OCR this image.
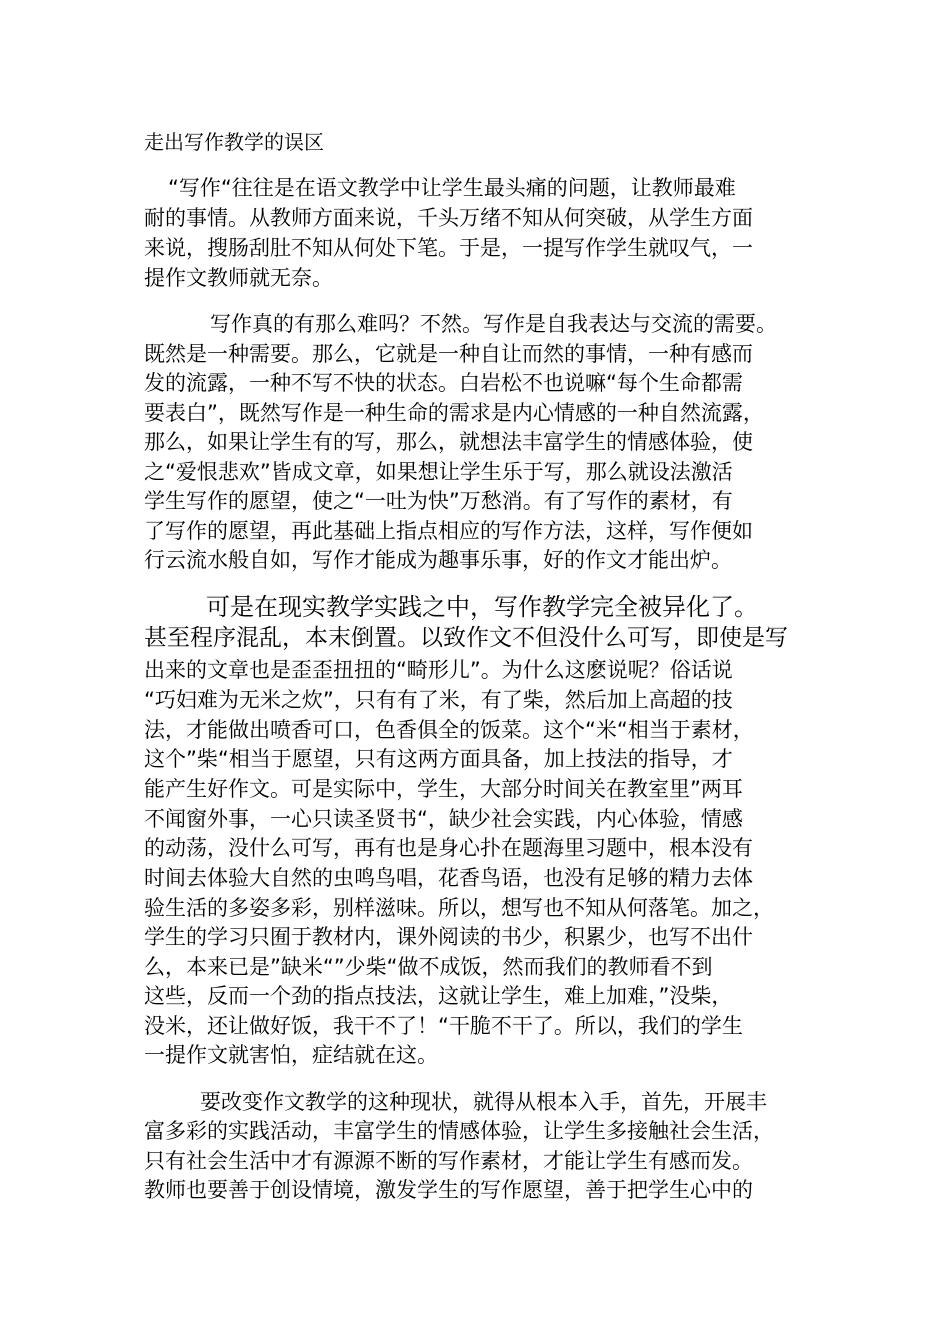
走出写作教学的误区
“写作“往往是在语文教学中让学生最头痛的问题，让教师最难
耐的事情。从教师方面来说，千头万绪不知从何突破，从学生方面
来说，搜肠刮肚不知从何处下笔。于是，一提写作学生就叹气，一
提作文教师就无奈。
写作真的有那么难吗？不然。写作是自我表达与交流的需要。
既然是一种需要。那么，它就是一种自让而然的事情，一种有感而
发的流露，一种不写不快的状态。白岩松不也说嘛“每个生命都需
要表白”，既然写作是一种生命的需求是内心情感的一种自然流露，
那么，如果让学生有的写，那么，就想法丰富学生的情感体验，使
之“爱恨悲欢”皆成文章，如果想让学生乐于写，那么就设法激活
学生写作的愿望，使之“一吐为快”万愁消。有了写作的素材，有
了写作的愿望，再此基础上指点相应的写作方法，这样，写作便如
行云流水般自如，写作才能成为趣事乐事，好的作文才能出炉。
可是在现实教学实践之中，写作教学完全被异化了。
甚至程序混乱，本末倒置。以致作文不但没什么可写，即使是写
出来的文章也是歪歪扭扭的“畸形儿”。为什么这麽说呢？俗话说
“巧妇难为无米之炊”，只有有了米，有了柴，然后加上高超的技
法，才能做出喷香可口，色香俱全的饭菜。这个“米“相当于素材，
这个”柴“相当于愿望，只有这两方面具备，加上技法的指导，才
能产生好作文。可是实际中，学生，大部分时间关在教室里”两耳
不闻窗外事，一心只读圣贤书“，缺少社会实践，内心体验，情感
的动荡，没什么可写，再有也是身心扑在题海里习题中，根本没有
时间去体验大自然的虫鸣鸟唱，花香鸟语，也没有足够的精力去体
验生活的多姿多彩，别样滋味。所以，想写也不知从何落笔。加之，
学生的学习只囿于教材内，课外阅读的书少，积累少，也写不出什
么，本来已是”缺米“”少柴“做不成饭，然而我们的教师看不到
这些，反而一个劲的指点技法，这就让学生，难上加难，”没柴，
没米，还让做好饭，我干不了！“干脆不干了。所以，我们的学生
一提作文就害怕，症结就在这。
要改变作文教学的这种现状，就得从根本入手，首先，开展丰
富多彩的实践活动，丰富学生的情感体验，让学生多接触社会生活，
只有社会生活中才有源源不断的写作素材，才能让学生有感而发。
教师也要善于创设情境，激发学生的写作愿望，善于把学生心中的
